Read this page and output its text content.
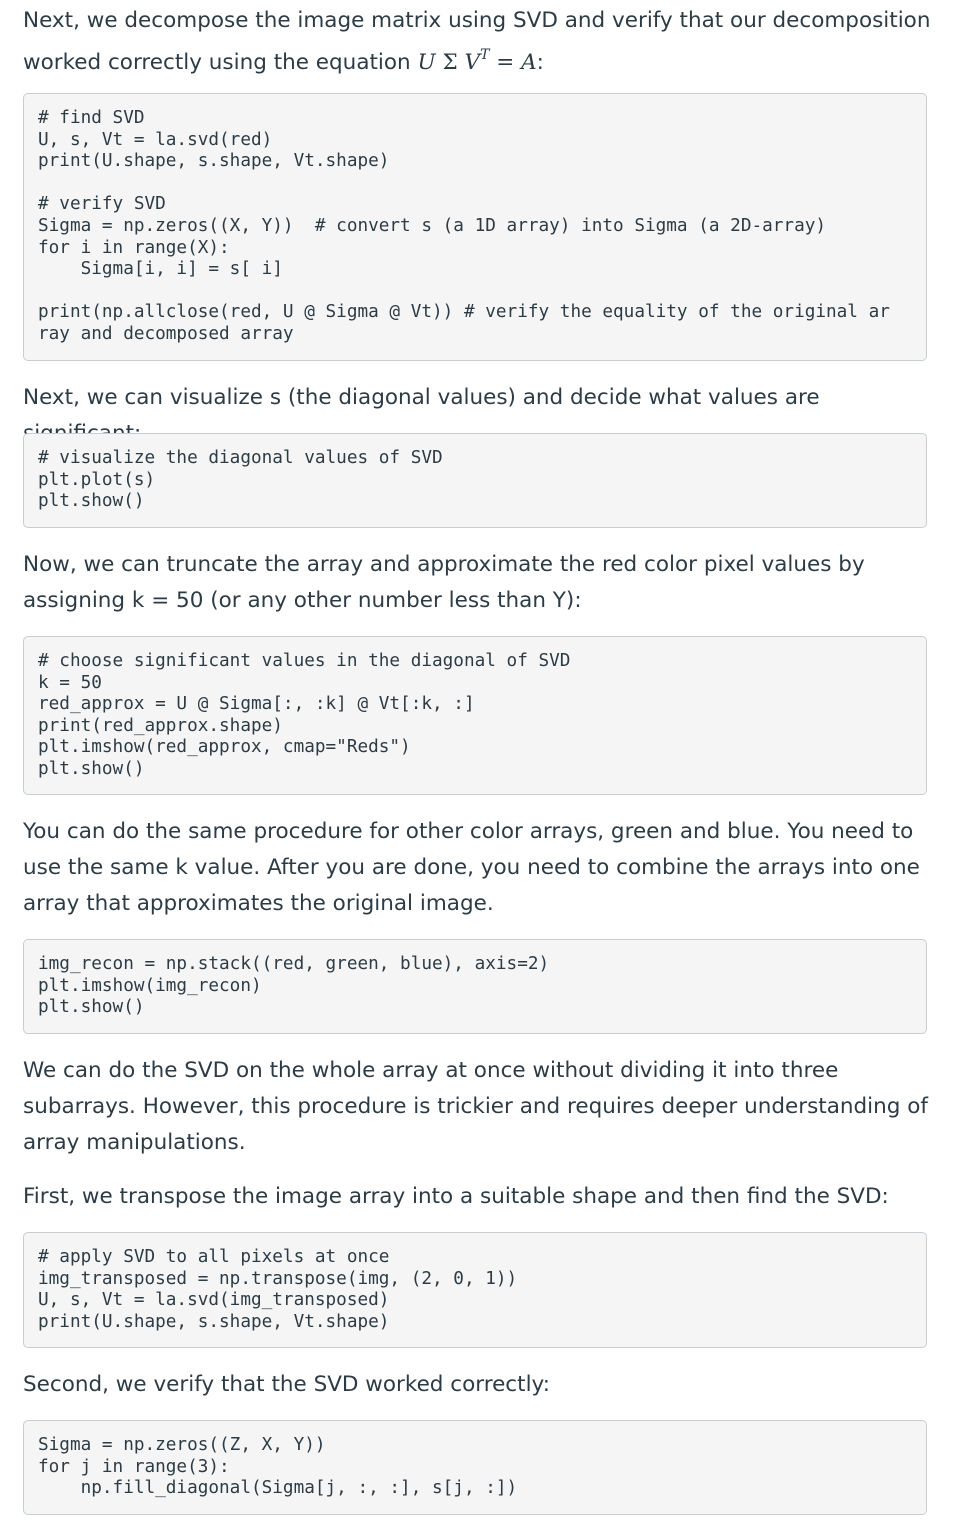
Next, we decompose the image matrix using SVD and verify that our decomposition worked correctly using the equation U Σ $V^T = A$:

# find SVD
U, s, Vt = la.svd(red)
print(U.shape, s.shape, Vt.shape)

# verify SVD
Sigma = np.zeros((X, Y))  # convert s (a 1D array) into Sigma (a 2D-array)
for i in range(X):
Sigma[i, i] = s[ i]

print(np.allclose(red, U @ Sigma @ Vt)) # verify the equality of the original ar
ray and decomposed array

Next, we can visualize s (the diagonal values) and decide what values are

# visualize the diagonal values of SVD
plt.plot(s)
plt.show()

Now, we can truncate the array and approximate the red color pixel values by assigning k = 50 (or any other number less than Y):

# choose significant values in the diagonal of SVD
k = 50
red_approx = U @ Sigma[:, :k] @ Vt[:k, :]
print(red_approx.shape)
plt.imshow(red_approx, cmap="Reds")
plt.show()

You can do the same procedure for other color arrays, green and blue. You need to use the same k value. After you are done, you need to combine the arrays into one array that approximates the original image.

img_recon = np.stack((red, green, blue), axis=2)
plt.imshow(img_recon)
plt.show()

We can do the SVD on the whole array at once without dividing it into three subarrays. However, this procedure is trickier and requires deeper understanding of array manipulations.

First, we transpose the image array into a suitable shape and then find the SVD:

# apply SVD to all pixels at once
img_transposed = np.transpose(img, (2, 0, 1))
U, s, Vt = la.svd(img_transposed)
print(U.shape, s.shape, Vt.shape)

Second, we verify that the SVD worked correctly:

Sigma = np.zeros((Z, X, Y))
for j in range(3):
np.fill_diagonal(Sigma[j, :, :], s[j, :])
